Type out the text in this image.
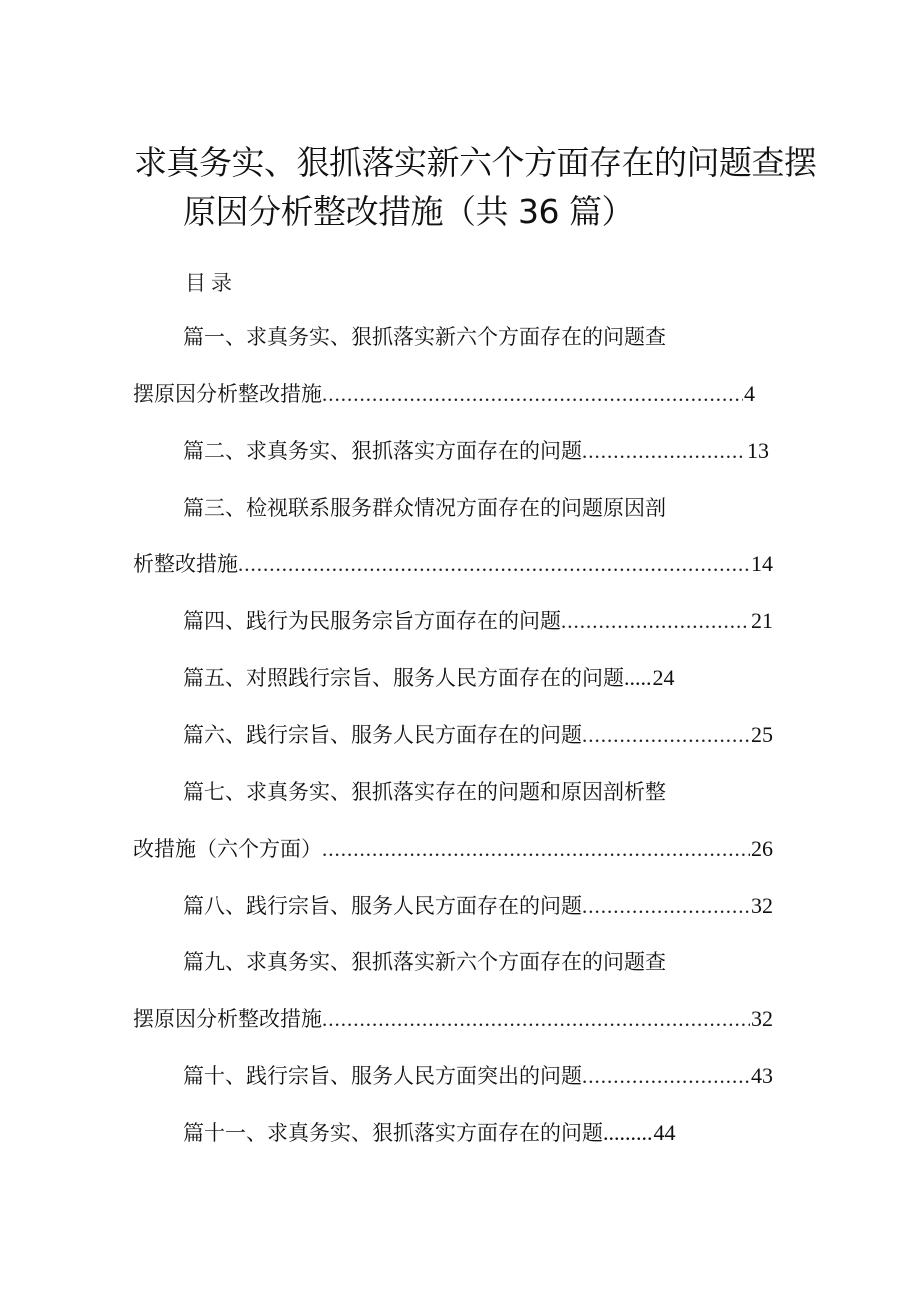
求真务实、狠抓落实新六个方面存在的问题查摆
原因分析整改措施（共 36 篇）
目录
篇一、求真务实、狠抓落实新六个方面存在的问题查
摆原因分析整改措施 .....	4
篇二、求真务实、狠抓落实方面存在的问题 .....	13
篇三、检视联系服务群众情况方面存在的问题原因剖
析整改措施 .....	14
篇四、践行为民服务宗旨方面存在的问题 .....	21
篇五、对照践行宗旨、服务人民方面存在的问题 ..... 24
篇六、践行宗旨、服务人民方面存在的问题 .....	25
篇七、求真务实、狠抓落实存在的问题和原因剖析整
改措施（六个方面） .....	26
篇八、践行宗旨、服务人民方面存在的问题 .....	32
篇九、求真务实、狠抓落实新六个方面存在的问题查
摆原因分析整改措施 .....	32
篇十、践行宗旨、服务人民方面突出的问题 .....	43
篇十一、求真务实、狠抓落实方面存在的问题 ......... 44
